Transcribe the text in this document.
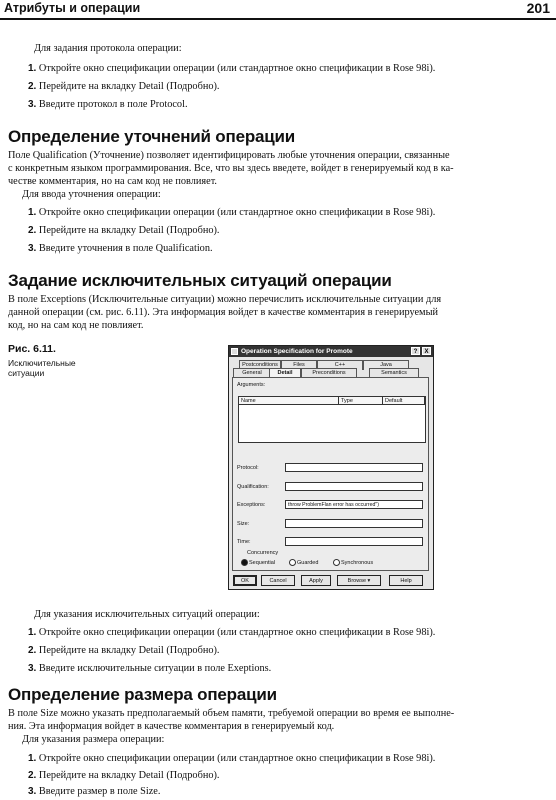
Атрибуты и операции	201
Для задания протокола операции:
1. Откройте окно спецификации операции (или стандартное окно спецификации в Rose 98i).
2. Перейдите на вкладку Detail (Подробно).
3. Введите протокол в поле Protocol.
Определение уточнений операции
Поле Qualification (Уточнение) позволяет идентифицировать любые уточнения операции, связанные
с конкретным языком программирования. Все, что вы здесь введете, войдет в генерируемый код в ка-
честве комментария, но на сам код не повлияет.
Для ввода уточнения операции:
1. Откройте окно спецификации операции (или стандартное окно спецификации в Rose 98i).
2. Перейдите на вкладку Detail (Подробно).
3. Введите уточнения в поле Qualification.
Задание исключительных ситуаций операции
В поле Exceptions (Исключительные ситуации) можно перечислить исключительные ситуации для
данной операции (см. рис. 6.11). Эта информация войдет в качестве комментария в генерируемый
код, но на сам код не повлияет.
Рис. 6.11.
Исключительные
ситуации
Operation Specification for Promote	?	X
Postconditions	Files	C++	Java
General	Detail	Preconditions	Semantics
Arguments:
Name	Type	Default
Protocol:
Qualification:
Exceptions:	throw ProblemFlan error has occurred")
Size:
Time:
Concurrency
Sequential	Guarded	Synchronous
OK	Cancel	Apply	Browse ▾	Help
Для указания исключительных ситуаций операции:
1. Откройте окно спецификации операции (или стандартное окно спецификации в Rose 98i).
2. Перейдите на вкладку Detail (Подробно).
3. Введите исключительные ситуации в поле Exeptions.
Определение размера операции
В поле Size можно указать предполагаемый объем памяти, требуемой операции во время ее выполне-
ния. Эта информация войдет в качестве комментария в генерируемый код.
Для указания размера операции:
1. Откройте окно спецификации операции (или стандартное окно спецификации в Rose 98i).
2. Перейдите на вкладку Detail (Подробно).
3. Введите размер в поле Size.
